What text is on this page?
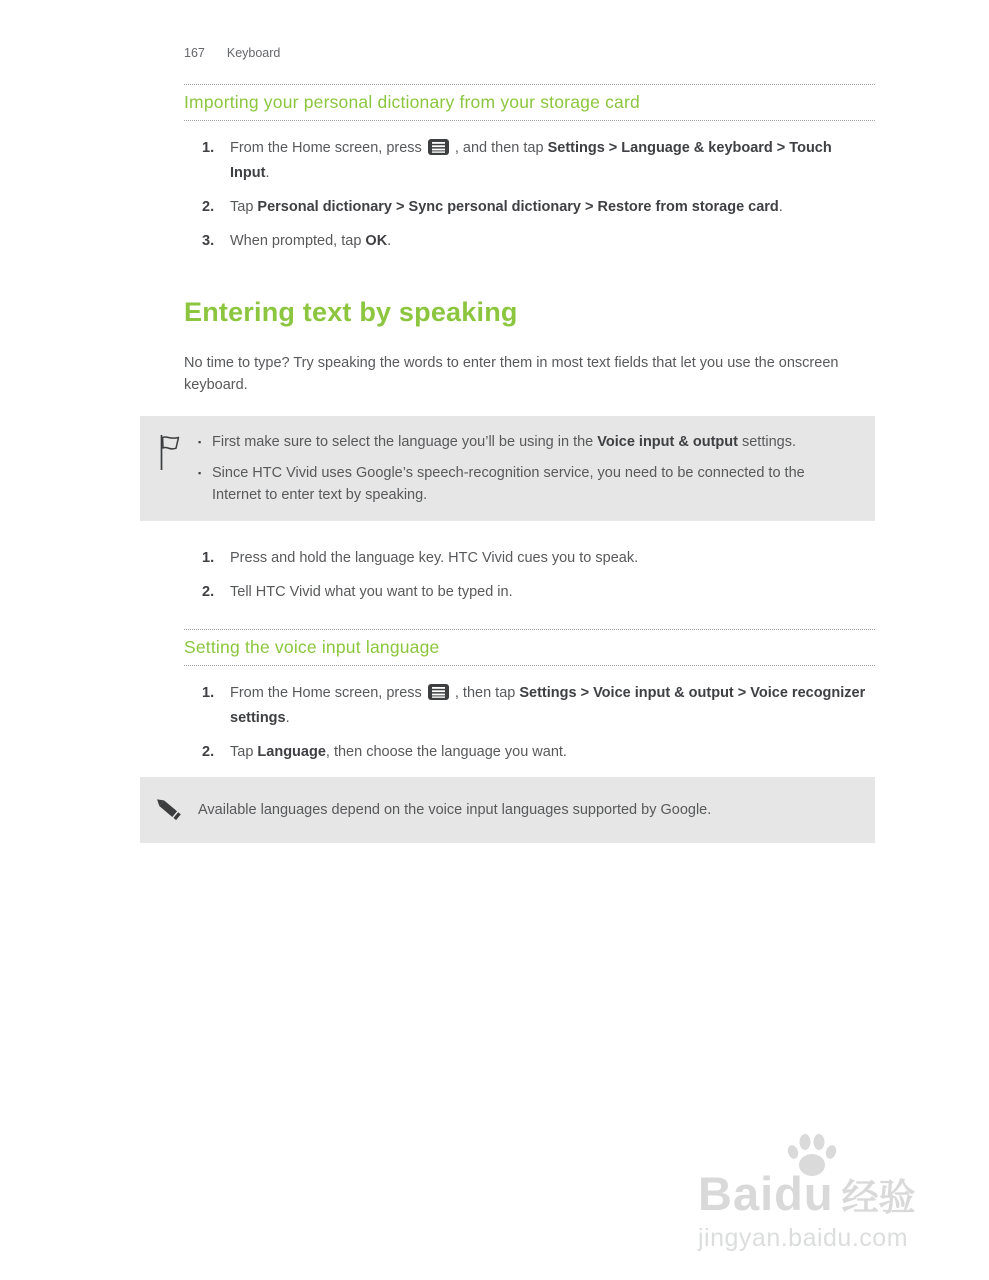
167 Keyboard
Importing your personal dictionary from your storage card
1.	From the Home screen, press  , and then tap Settings > Language & keyboard > Touch Input.
2.	Tap Personal dictionary > Sync personal dictionary > Restore from storage card.
3.	When prompted, tap OK.
Entering text by speaking

No time to type? Try speaking the words to enter them in most text fields that let you use the onscreen keyboard.

▪ First make sure to select the language you’ll be using in the Voice input & output settings.
▪ Since HTC Vivid uses Google’s speech-recognition service, you need to be connected to the Internet to enter text by speaking.
1.	Press and hold the language key. HTC Vivid cues you to speak.
2.	Tell HTC Vivid what you want to be typed in.
Setting the voice input language
1.	From the Home screen, press  , then tap Settings > Voice input & output > Voice recognizer settings.
2.	Tap Language, then choose the language you want.
Available languages depend on the voice input languages supported by Google.
Baidu 经验
jingyan.baidu.com
